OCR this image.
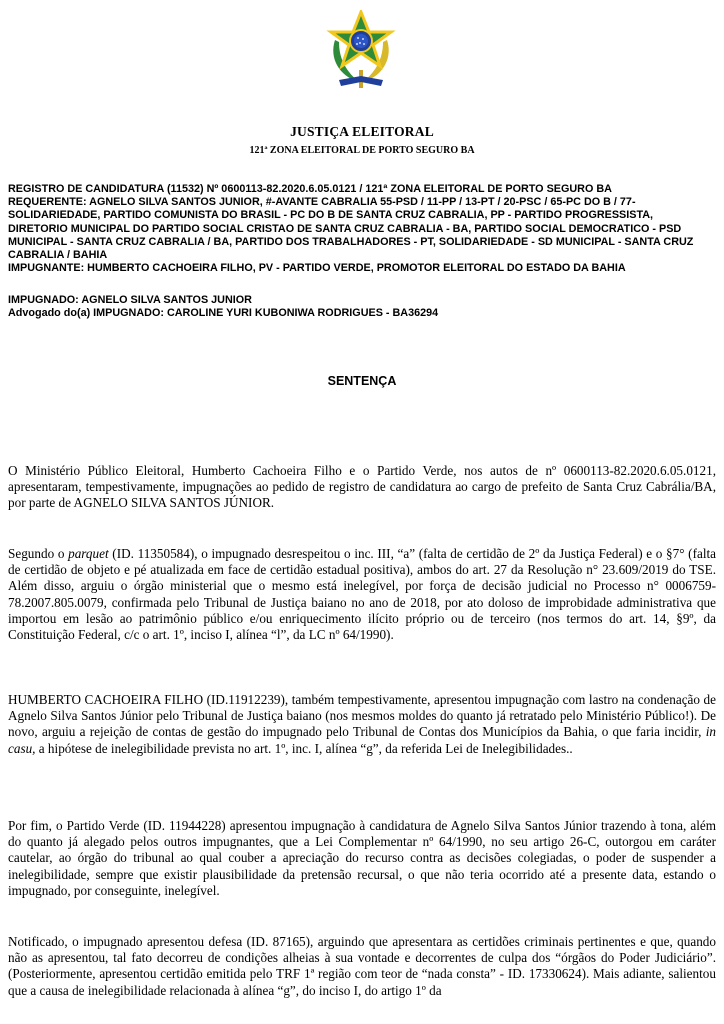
JUSTIÇA ELEITORAL
121ª ZONA ELEITORAL DE PORTO SEGURO BA

REGISTRO DE CANDIDATURA (11532) Nº 0600113-82.2020.6.05.0121 / 121ª ZONA ELEITORAL DE PORTO SEGURO BA

REQUERENTE: AGNELO SILVA SANTOS JUNIOR, #-AVANTE CABRALIA 55-PSD / 11-PP / 13-PT / 20-PSC / 65-PC DO B / 77-SOLIDARIEDADE, PARTIDO COMUNISTA DO BRASIL - PC DO B DE SANTA CRUZ CABRALIA, PP - PARTIDO PROGRESSISTA, DIRETORIO MUNICIPAL DO PARTIDO SOCIAL CRISTAO DE SANTA CRUZ CABRALIA - BA, PARTIDO SOCIAL DEMOCRATICO - PSD MUNICIPAL - SANTA CRUZ CABRALIA / BA, PARTIDO DOS TRABALHADORES - PT, SOLIDARIEDADE - SD MUNICIPAL - SANTA CRUZ CABRALIA / BAHIA

IMPUGNANTE: HUMBERTO CACHOEIRA FILHO, PV - PARTIDO VERDE, PROMOTOR ELEITORAL DO ESTADO DA BAHIA

IMPUGNADO: AGNELO SILVA SANTOS JUNIOR

Advogado do(a) IMPUGNADO: CAROLINE YURI KUBONIWA RODRIGUES - BA36294

SENTENÇA

O Ministério Público Eleitoral, Humberto Cachoeira Filho e o Partido Verde, nos autos de nº 0600113-82.2020.6.05.0121, apresentaram, tempestivamente, impugnações ao pedido de registro de candidatura ao cargo de prefeito de Santa Cruz Cabrália/BA, por parte de AGNELO SILVA SANTOS JÚNIOR.

Segundo o parquet (ID. 11350584), o impugnado desrespeitou o inc. III, “a” (falta de certidão de 2º da Justiça Federal) e o §7° (falta de certidão de objeto e pé atualizada em face de certidão estadual positiva), ambos do art. 27 da Resolução n° 23.609/2019 do TSE. Além disso, arguiu o órgão ministerial que o mesmo está inelegível, por força de decisão judicial no Processo n° 0006759-78.2007.805.0079, confirmada pelo Tribunal de Justiça baiano no ano de 2018, por ato doloso de improbidade administrativa que importou em lesão ao patrimônio público e/ou enriquecimento ilícito próprio ou de terceiro (nos termos do art. 14, §9º, da Constituição Federal, c/c o art. 1º, inciso I, alínea “l”, da LC nº 64/1990).

HUMBERTO CACHOEIRA FILHO (ID.11912239), também tempestivamente, apresentou impugnação com lastro na condenação de Agnelo Silva Santos Júnior pelo Tribunal de Justiça baiano (nos mesmos moldes do quanto já retratado pelo Ministério Público!). De novo, arguiu a rejeição de contas de gestão do impugnado pelo Tribunal de Contas dos Municípios da Bahia, o que faria incidir, in casu, a hipótese de inelegibilidade prevista no art. 1º, inc. I, alínea “g”, da referida Lei de Inelegibilidades..

Por fim, o Partido Verde (ID. 11944228) apresentou impugnação à candidatura de Agnelo Silva Santos Júnior trazendo à tona, além do quanto já alegado pelos outros impugnantes, que a Lei Complementar nº 64/1990, no seu artigo 26-C, outorgou em caráter cautelar, ao órgão do tribunal ao qual couber a apreciação do recurso contra as decisões colegiadas, o poder de suspender a inelegibilidade, sempre que existir plausibilidade da pretensão recursal, o que não teria ocorrido até a presente data, estando o impugnado, por conseguinte, inelegível.

Notificado, o impugnado apresentou defesa (ID. 87165), arguindo que apresentara as certidões criminais pertinentes e que, quando não as apresentou, tal fato decorreu de condições alheias à sua vontade e decorrentes de culpa dos “órgãos do Poder Judiciário”. (Posteriormente, apresentou certidão emitida pelo TRF 1ª região com teor de “nada consta” - ID. 17330624). Mais adiante, salientou que a causa de inelegibilidade relacionada à alínea “g”, do inciso I, do artigo 1º da
